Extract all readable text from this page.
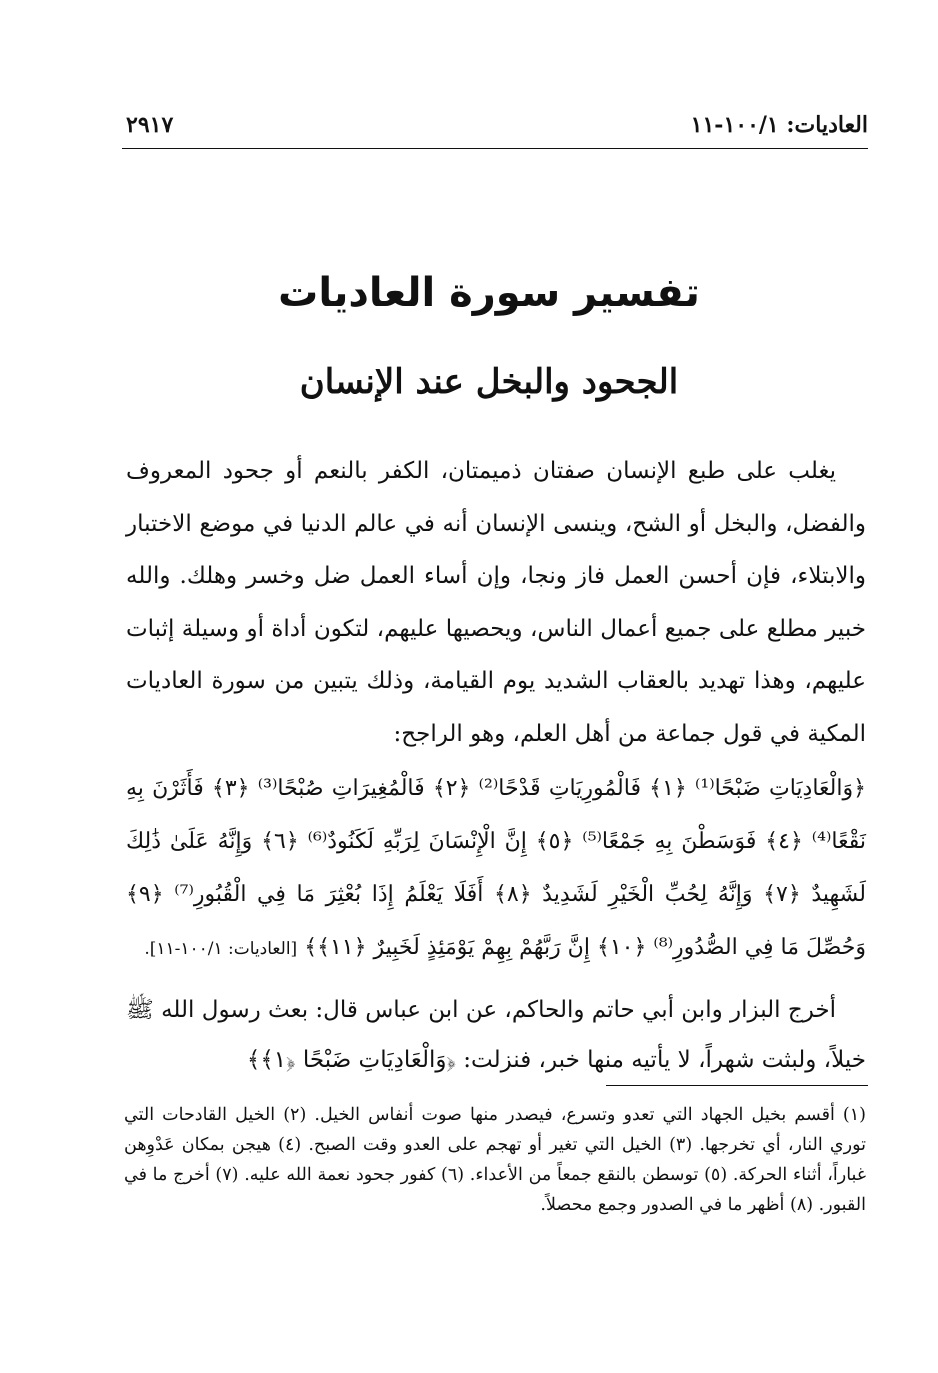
العاديات: ١٠٠/١-١١
٢٩١٧
تفسير سورة العاديات
الجحود والبخل عند الإنسان

يغلب على طبع الإنسان صفتان ذميمتان، الكفر بالنعم أو جحود المعروف والفضل، والبخل أو الشح، وينسى الإنسان أنه في عالم الدنيا في موضع الاختبار والابتلاء، فإن أحسن العمل فاز ونجا، وإن أساء العمل ضل وخسر وهلك. والله خبير مطلع على جميع أعمال الناس، ويحصيها عليهم، لتكون أداة أو وسيلة إثبات عليهم، وهذا تهديد بالعقاب الشديد يوم القيامة، وذلك يتبين من سورة العاديات المكية في قول جماعة من أهل العلم، وهو الراجح:

﴿وَالْعَادِيَاتِ ضَبْحًا⁽¹⁾ ﴿١﴾ فَالْمُورِيَاتِ قَدْحًا⁽²⁾ ﴿٢﴾ فَالْمُغِيرَاتِ صُبْحًا⁽³⁾ ﴿٣﴾ فَأَثَرْنَ بِهِ نَقْعًا⁽⁴⁾ ﴿٤﴾ فَوَسَطْنَ بِهِ جَمْعًا⁽⁵⁾ ﴿٥﴾ إِنَّ الْإِنْسَانَ لِرَبِّهِ لَكَنُودٌ⁽⁶⁾ ﴿٦﴾ وَإِنَّهُ عَلَىٰ ذَٰلِكَ لَشَهِيدٌ ﴿٧﴾ وَإِنَّهُ لِحُبِّ الْخَيْرِ لَشَدِيدٌ ﴿٨﴾ أَفَلَا يَعْلَمُ إِذَا بُعْثِرَ مَا فِي الْقُبُورِ⁽⁷⁾ ﴿٩﴾ وَحُصِّلَ مَا فِي الصُّدُورِ⁽⁸⁾ ﴿١٠﴾ إِنَّ رَبَّهُمْ بِهِمْ يَوْمَئِذٍ لَخَبِيرٌ ﴿١١﴾﴾ [العاديات: ١٠٠/١-١١].
أخرج البزار وابن أبي حاتم والحاكم، عن ابن عباس قال: بعث رسول الله ﷺ خيلاً، ولبثت شهراً، لا يأتيه منها خبر، فنزلت: ﴿وَالْعَادِيَاتِ ضَبْحًا ﴿١﴾﴾

(١) أقسم بخيل الجهاد التي تعدو وتسرع، فيصدر منها صوت أنفاس الخيل. (٢) الخيل القادحات التي توري النار، أي تخرجها. (٣) الخيل التي تغير أو تهجم على العدو وقت الصبح. (٤) هيجن بمكان عَدْوِهن غباراً، أثناء الحركة. (٥) توسطن بالنقع جمعاً من الأعداء. (٦) كفور جحود نعمة الله عليه. (٧) أخرج ما في القبور. (٨) أظهر ما في الصدور وجمع محصلاً.
